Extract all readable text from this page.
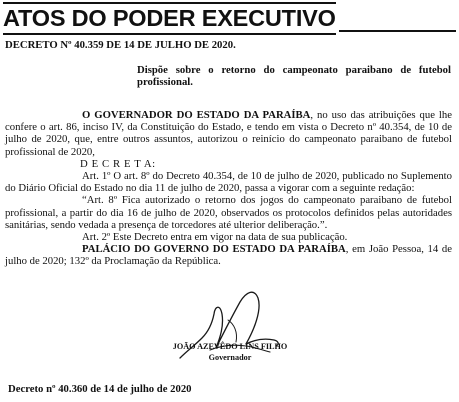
ATOS DO PODER EXECUTIVO
DECRETO Nº 40.359 DE 14 DE JULHO DE 2020.
Dispõe sobre o retorno do campeonato paraibano de futebol profissional.

O GOVERNADOR DO ESTADO DA PARAÍBA, no uso das atribuições que lhe confere o art. 86, inciso IV, da Constituição do Estado, e tendo em vista o Decreto nº 40.354, de 10 de julho de 2020, que, entre outros assuntos, autorizou o reinício do campeonato paraibano de futebol profissional de 2020,

D E C R E T A:

Art. 1º O art. 8º do Decreto 40.354, de 10 de julho de 2020, publicado no Suplemento do Diário Oficial do Estado no dia 11 de julho de 2020, passa a vigorar com a seguinte redação:

“Art. 8º Fica autorizado o retorno dos jogos do campeonato paraibano de futebol profissional, a partir do dia 16 de julho de 2020, observados os protocolos definidos pelas autoridades sanitárias, sendo vedada a presença de torcedores até ulterior deliberação.”.

Art. 2º Este Decreto entra em vigor na data de sua publicação.

PALÁCIO DO GOVERNO DO ESTADO DA PARAÍBA, em João Pessoa, 14 de julho de 2020; 132º da Proclamação da República.

JOÃO AZEVÊDO LINS FILHO
Governador
Decreto nº 40.360 de 14 de julho de 2020
